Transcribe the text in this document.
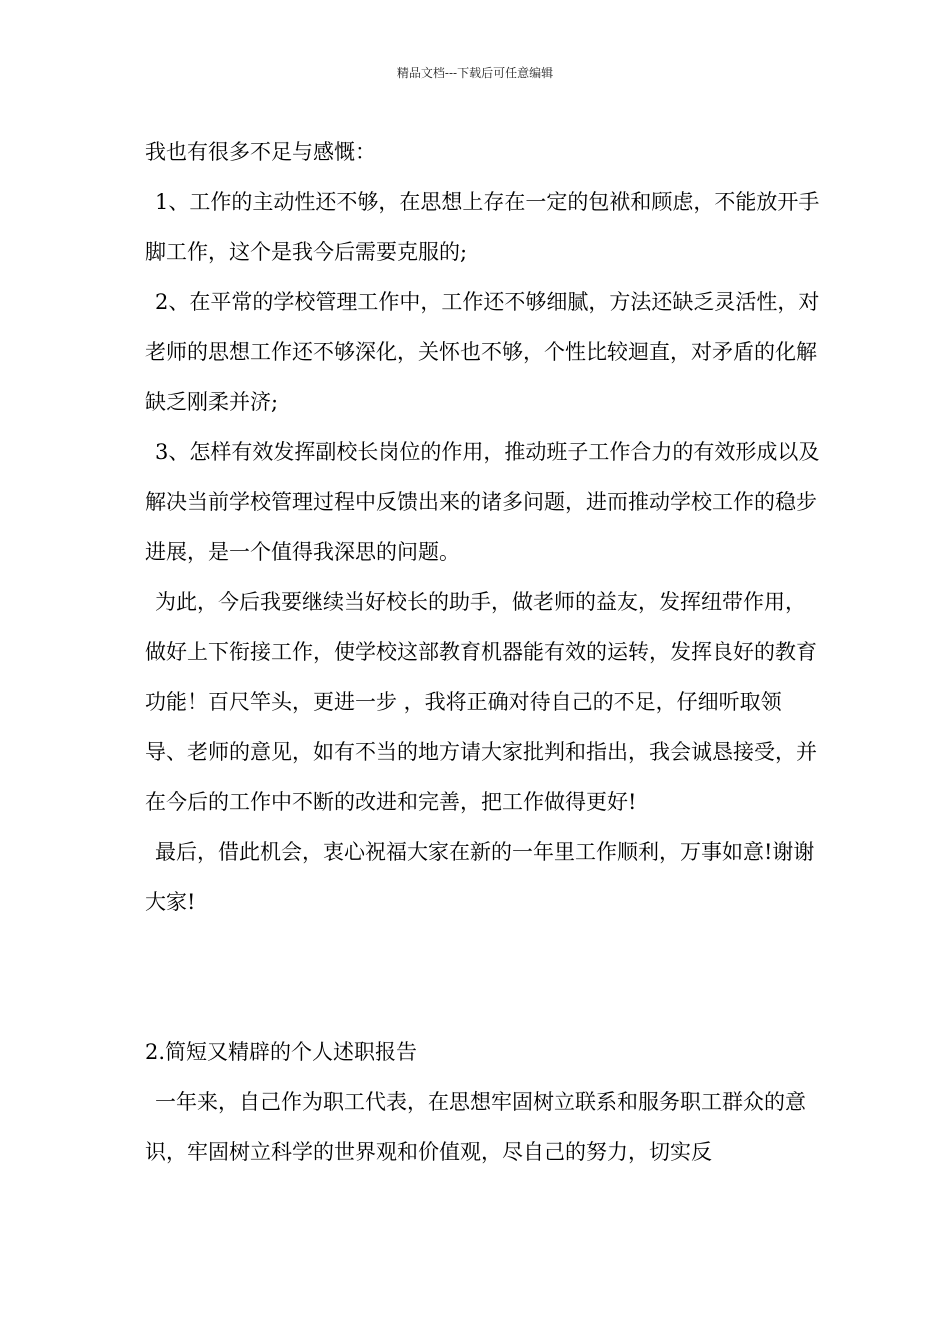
精品文档---下载后可任意编辑

我也有很多不足与感慨：

1、工作的主动性还不够，在思想上存在一定的包袱和顾虑，不能放开手脚工作，这个是我今后需要克服的;

2、在平常的学校管理工作中，工作还不够细腻，方法还缺乏灵活性，对老师的思想工作还不够深化，关怀也不够，个性比较迴直，对矛盾的化解缺乏刚柔并济;

3、怎样有效发挥副校长岗位的作用，推动班子工作合力的有效形成以及解决当前学校管理过程中反馈出来的诸多问题，进而推动学校工作的稳步进展，是一个值得我深思的问题。

为此，今后我要继续当好校长的助手，做老师的益友，发挥纽带作用，做好上下衔接工作，使学校这部教育机器能有效的运转，发挥良好的教育功能！百尺竿头，更进一步 ，我将正确对待自己的不足，仔细听取领导、老师的意见，如有不当的地方请大家批判和指出，我会诚恳接受，并在今后的工作中不断的改进和完善，把工作做得更好!

最后，借此机会，衷心祝福大家在新的一年里工作顺利，万事如意!谢谢大家!

2.简短又精辟的个人述职报告

一年来，自己作为职工代表，在思想牢固树立联系和服务职工群众的意识，牢固树立科学的世界观和价值观，尽自己的努力，切实反
